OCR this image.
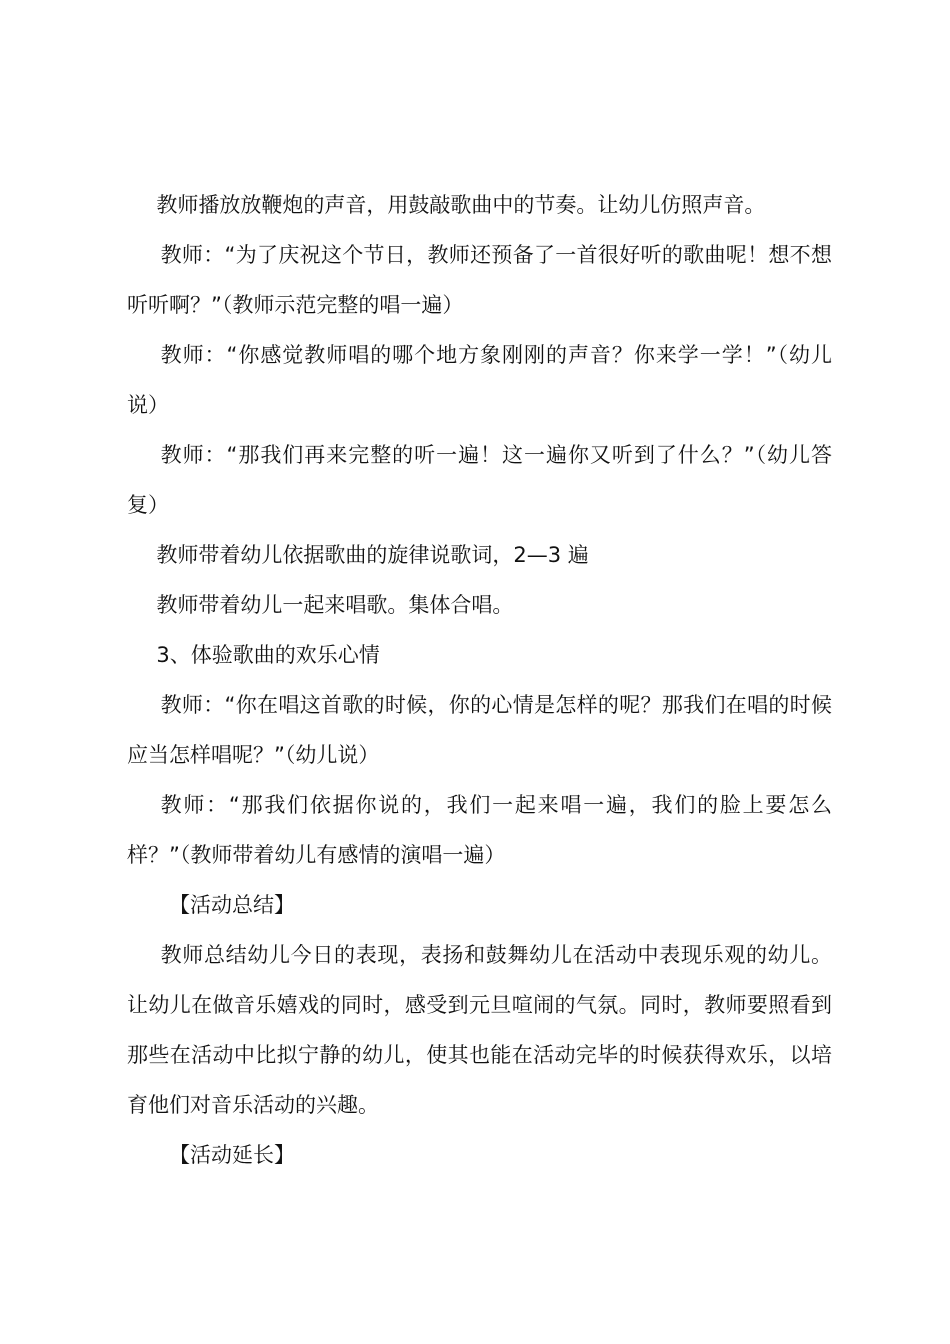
教师播放放鞭炮的声音，用鼓敲歌曲中的节奏。让幼儿仿照声音。

教师：“为了庆祝这个节日，教师还预备了一首很好听的歌曲呢！想不想听听啊？”（教师示范完整的唱一遍）

教师：“你感觉教师唱的哪个地方象刚刚的声音？你来学一学！”（幼儿说）

教师：“那我们再来完整的听一遍！这一遍你又听到了什么？”（幼儿答复）

教师带着幼儿依据歌曲的旋律说歌词，2—3 遍

教师带着幼儿一起来唱歌。集体合唱。

3、体验歌曲的欢乐心情

教师：“你在唱这首歌的时候，你的心情是怎样的呢？那我们在唱的时候应当怎样唱呢？”（幼儿说）

教师：“那我们依据你说的，我们一起来唱一遍，我们的脸上要怎么样？”（教师带着幼儿有感情的演唱一遍）

【活动总结】

教师总结幼儿今日的表现，表扬和鼓舞幼儿在活动中表现乐观的幼儿。让幼儿在做音乐嬉戏的同时，感受到元旦喧闹的气氛。同时，教师要照看到那些在活动中比拟宁静的幼儿，使其也能在活动完毕的时候获得欢乐，以培育他们对音乐活动的兴趣。

【活动延长】
